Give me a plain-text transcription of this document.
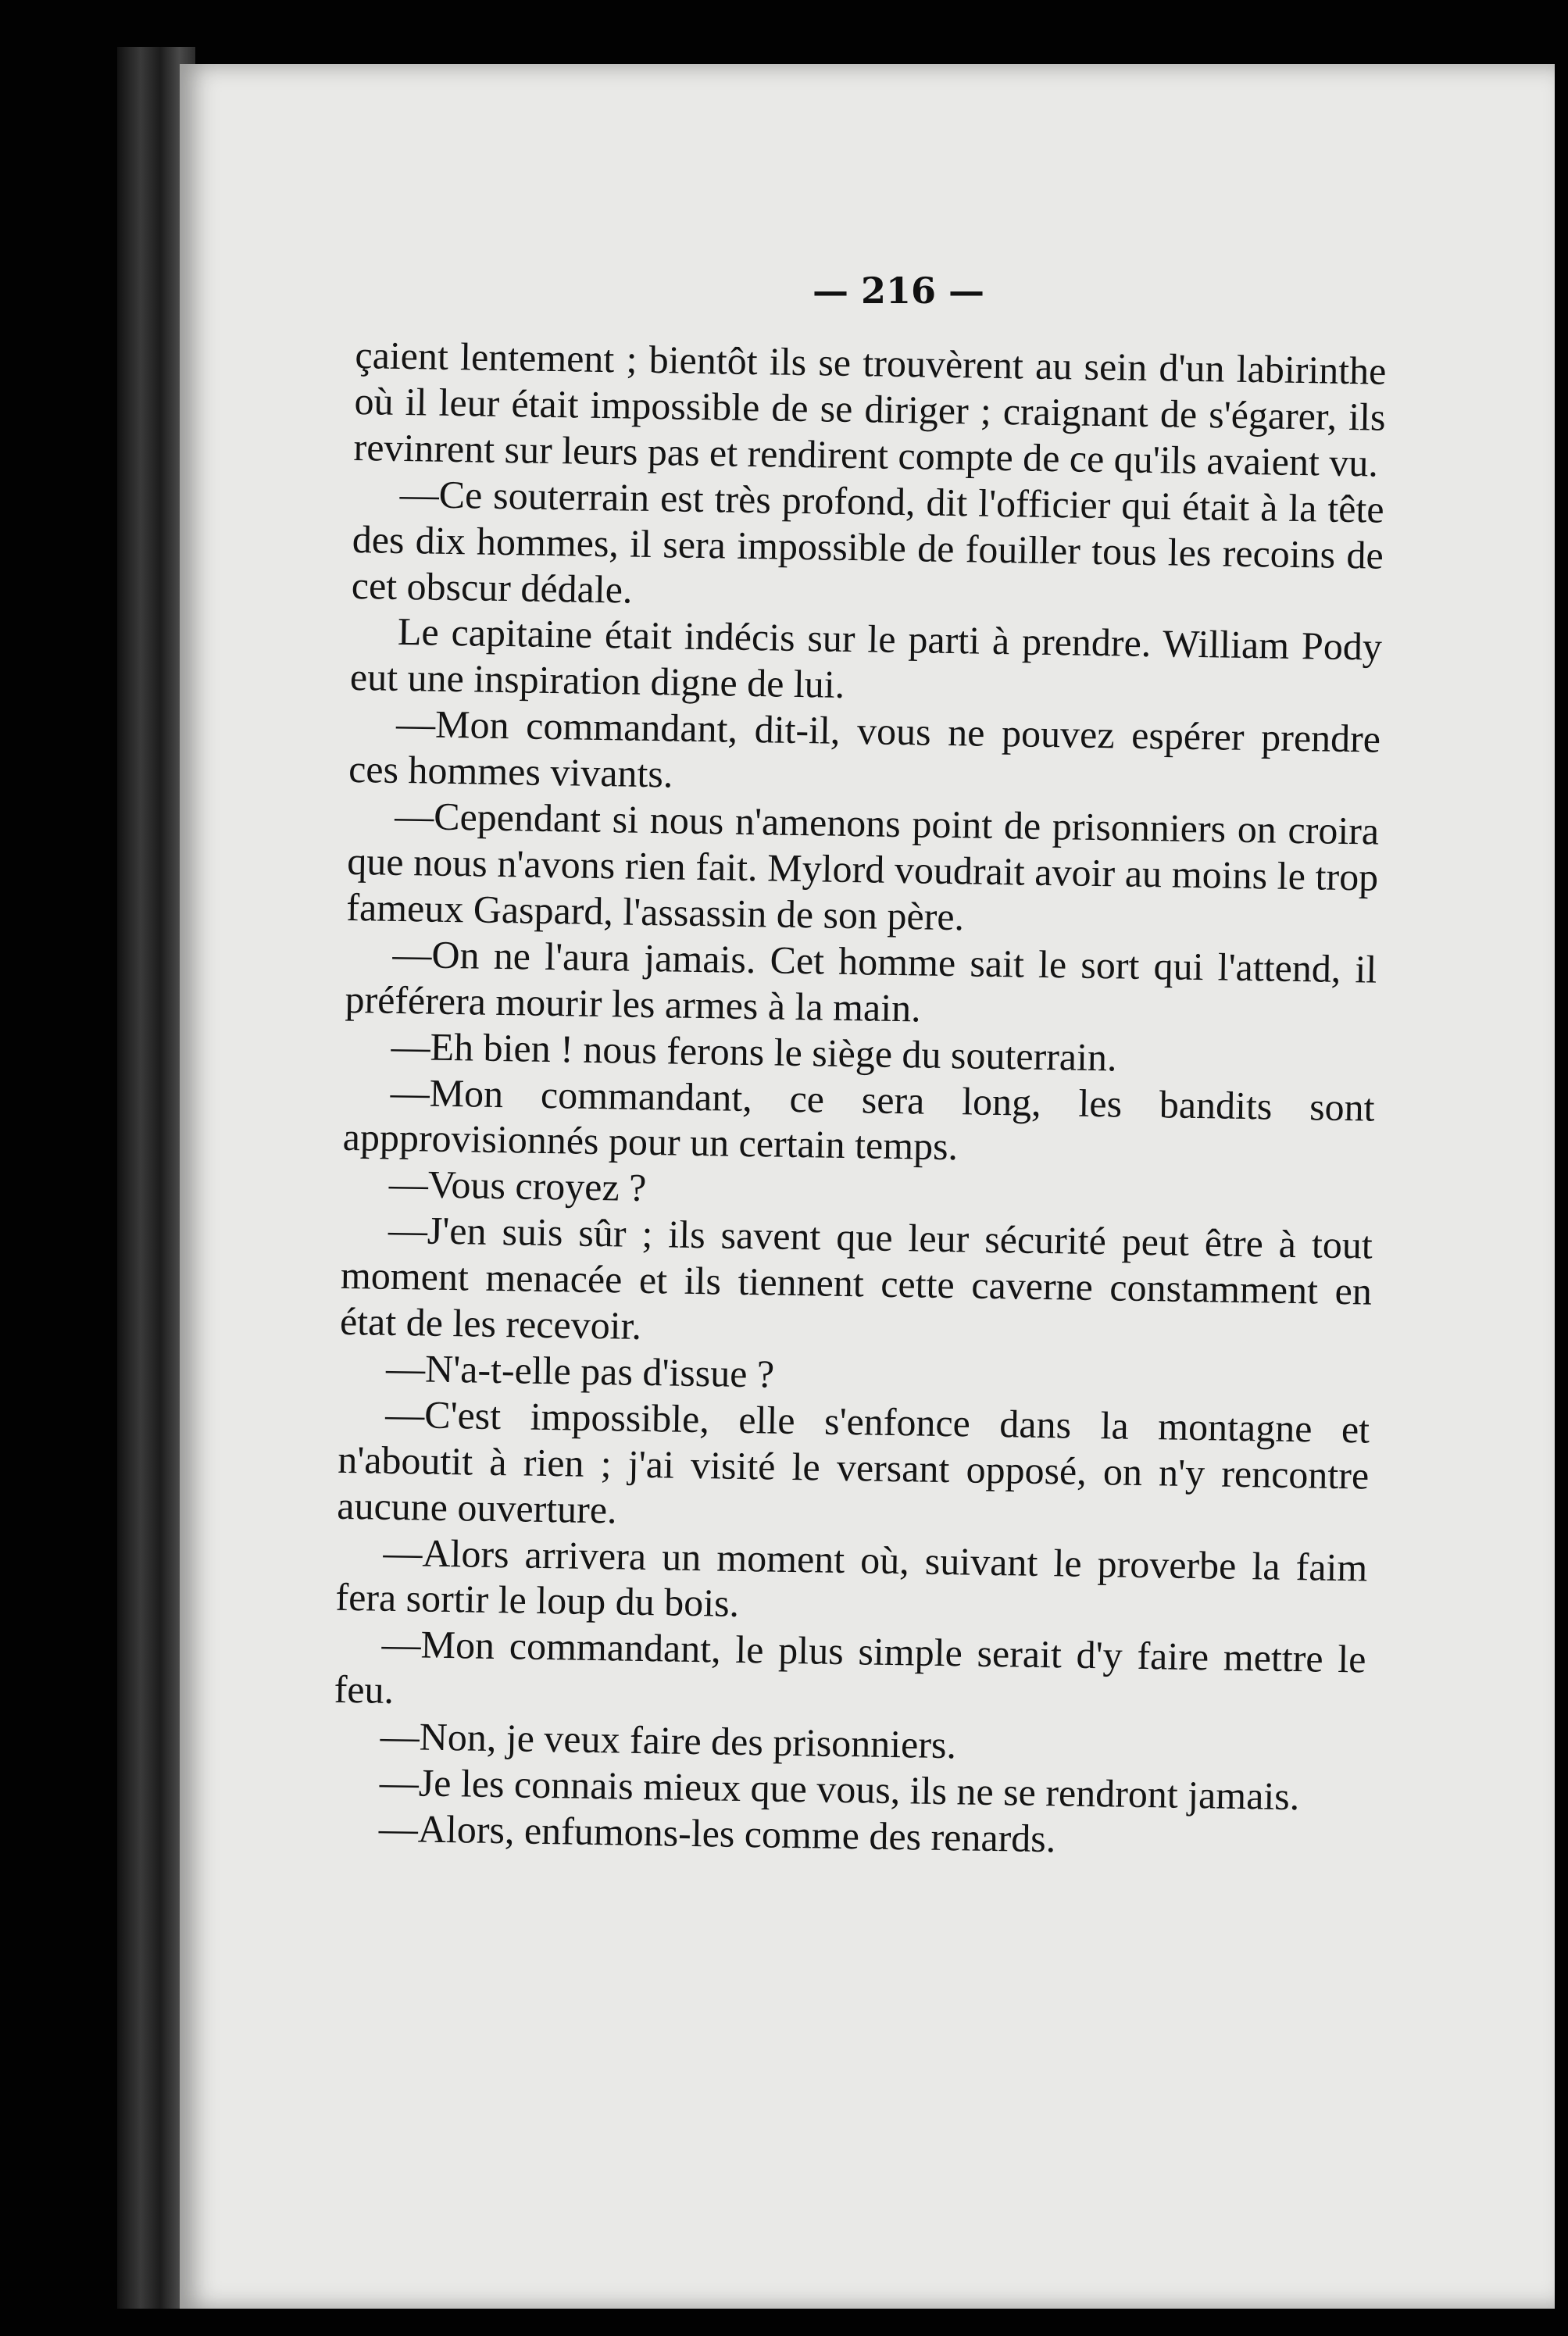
— 216 —

çaient lentement ; bientôt ils se trouvèrent au sein d'un labirinthe où il leur était impossible de se diriger ; craignant de s'égarer, ils revinrent sur leurs pas et rendirent compte de ce qu'ils avaient vu.

—Ce souterrain est très profond, dit l'officier qui était à la tête des dix hommes, il sera impossible de fouiller tous les recoins de cet obscur dédale.

Le capitaine était indécis sur le parti à prendre. William Pody eut une inspiration digne de lui.

—Mon commandant, dit-il, vous ne pouvez espérer prendre ces hommes vivants.

—Cependant si nous n'amenons point de prisonniers on croira que nous n'avons rien fait. Mylord voudrait avoir au moins le trop fameux Gaspard, l'assassin de son père.

—On ne l'aura jamais. Cet homme sait le sort qui l'attend, il préférera mourir les armes à la main.

—Eh bien ! nous ferons le siège du souterrain.

—Mon commandant, ce sera long, les bandits sont appprovisionnés pour un certain temps.

—Vous croyez ?

—J'en suis sûr ; ils savent que leur sécurité peut être à tout moment menacée et ils tiennent cette caverne constamment en état de les recevoir.

—N'a-t-elle pas d'issue ?

—C'est impossible, elle s'enfonce dans la montagne et n'aboutit à rien ; j'ai visité le versant opposé, on n'y rencontre aucune ouverture.

—Alors arrivera un moment où, suivant le proverbe la faim fera sortir le loup du bois.

—Mon commandant, le plus simple serait d'y faire mettre le feu.

—Non, je veux faire des prisonniers.

—Je les connais mieux que vous, ils ne se rendront jamais.

—Alors, enfumons-les comme des renards.
